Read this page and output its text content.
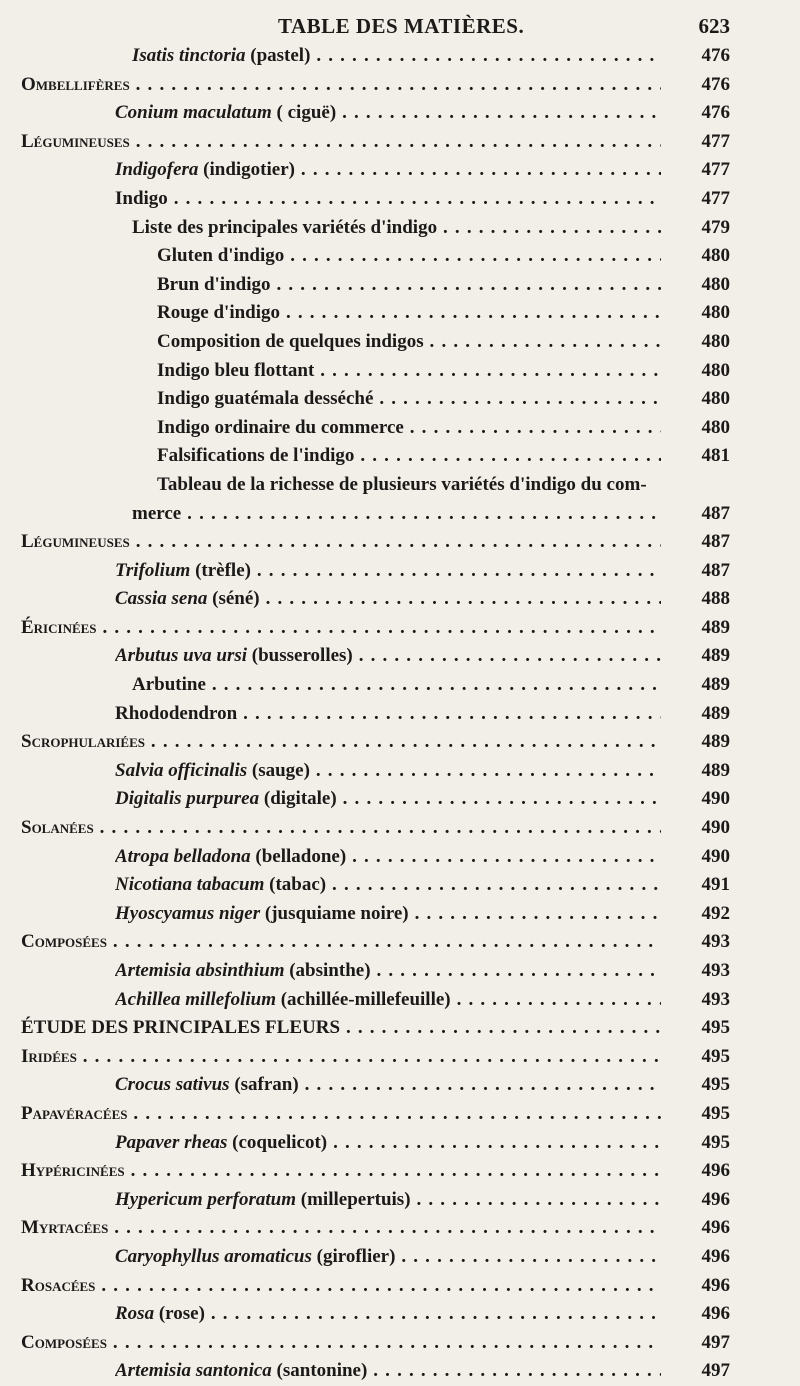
TABLE DES MATIÈRES.	623
Isatis tinctoria (pastel) . . .	476
Ombellifères . . .	476
Conium maculatum ( ciguë) . . .	476
Légumineuses . . .	477
Indigofera (indigotier) . . .	477
Indigo . . .	477
Liste des principales variétés d'indigo . . .	479
Gluten d'indigo . . .	480
Brun d'indigo . . .	480
Rouge d'indigo . . .	480
Composition de quelques indigos . . .	480
Indigo bleu flottant . . .	480
Indigo guatémala desséché . . .	480
Indigo ordinaire du commerce . . .	480
Falsifications de l'indigo . . .	481
Tableau de la richesse de plusieurs variétés d'indigo du com-
merce . . .	487
Légumineuses . . .	487
Trifolium (trèfle) . . .	487
Cassia sena (séné) . . .	488
Éricinées . . .	489
Arbutus uva ursi (busserolles) . . .	489
Arbutine . . .	489
Rhododendron . . .	489
Scrophulariées . . .	489
Salvia officinalis (sauge) . . .	489
Digitalis purpurea (digitale) . . .	490
Solanées . . .	490
Atropa belladona (belladone) . . .	490
Nicotiana tabacum (tabac) . . .	491
Hyoscyamus niger (jusquiame noire) . . .	492
Composées . . .	493
Artemisia absinthium (absinthe) . . .	493
Achillea millefolium (achillée-millefeuille) . . .	493
ÉTUDE DES PRINCIPALES FLEURS . . .	495
Iridées . . .	495
Crocus sativus (safran) . . .	495
Papavéracées . . .	495
Papaver rheas (coquelicot) . . .	495
Hypéricinées . . .	496
Hypericum perforatum (millepertuis) . . .	496
Myrtacées . . .	496
Caryophyllus aromaticus (giroflier) . . .	496
Rosacées . . .	496
Rosa (rose) . . .	496
Composées . . .	497
Artemisia santonica (santonine) . . .	497
